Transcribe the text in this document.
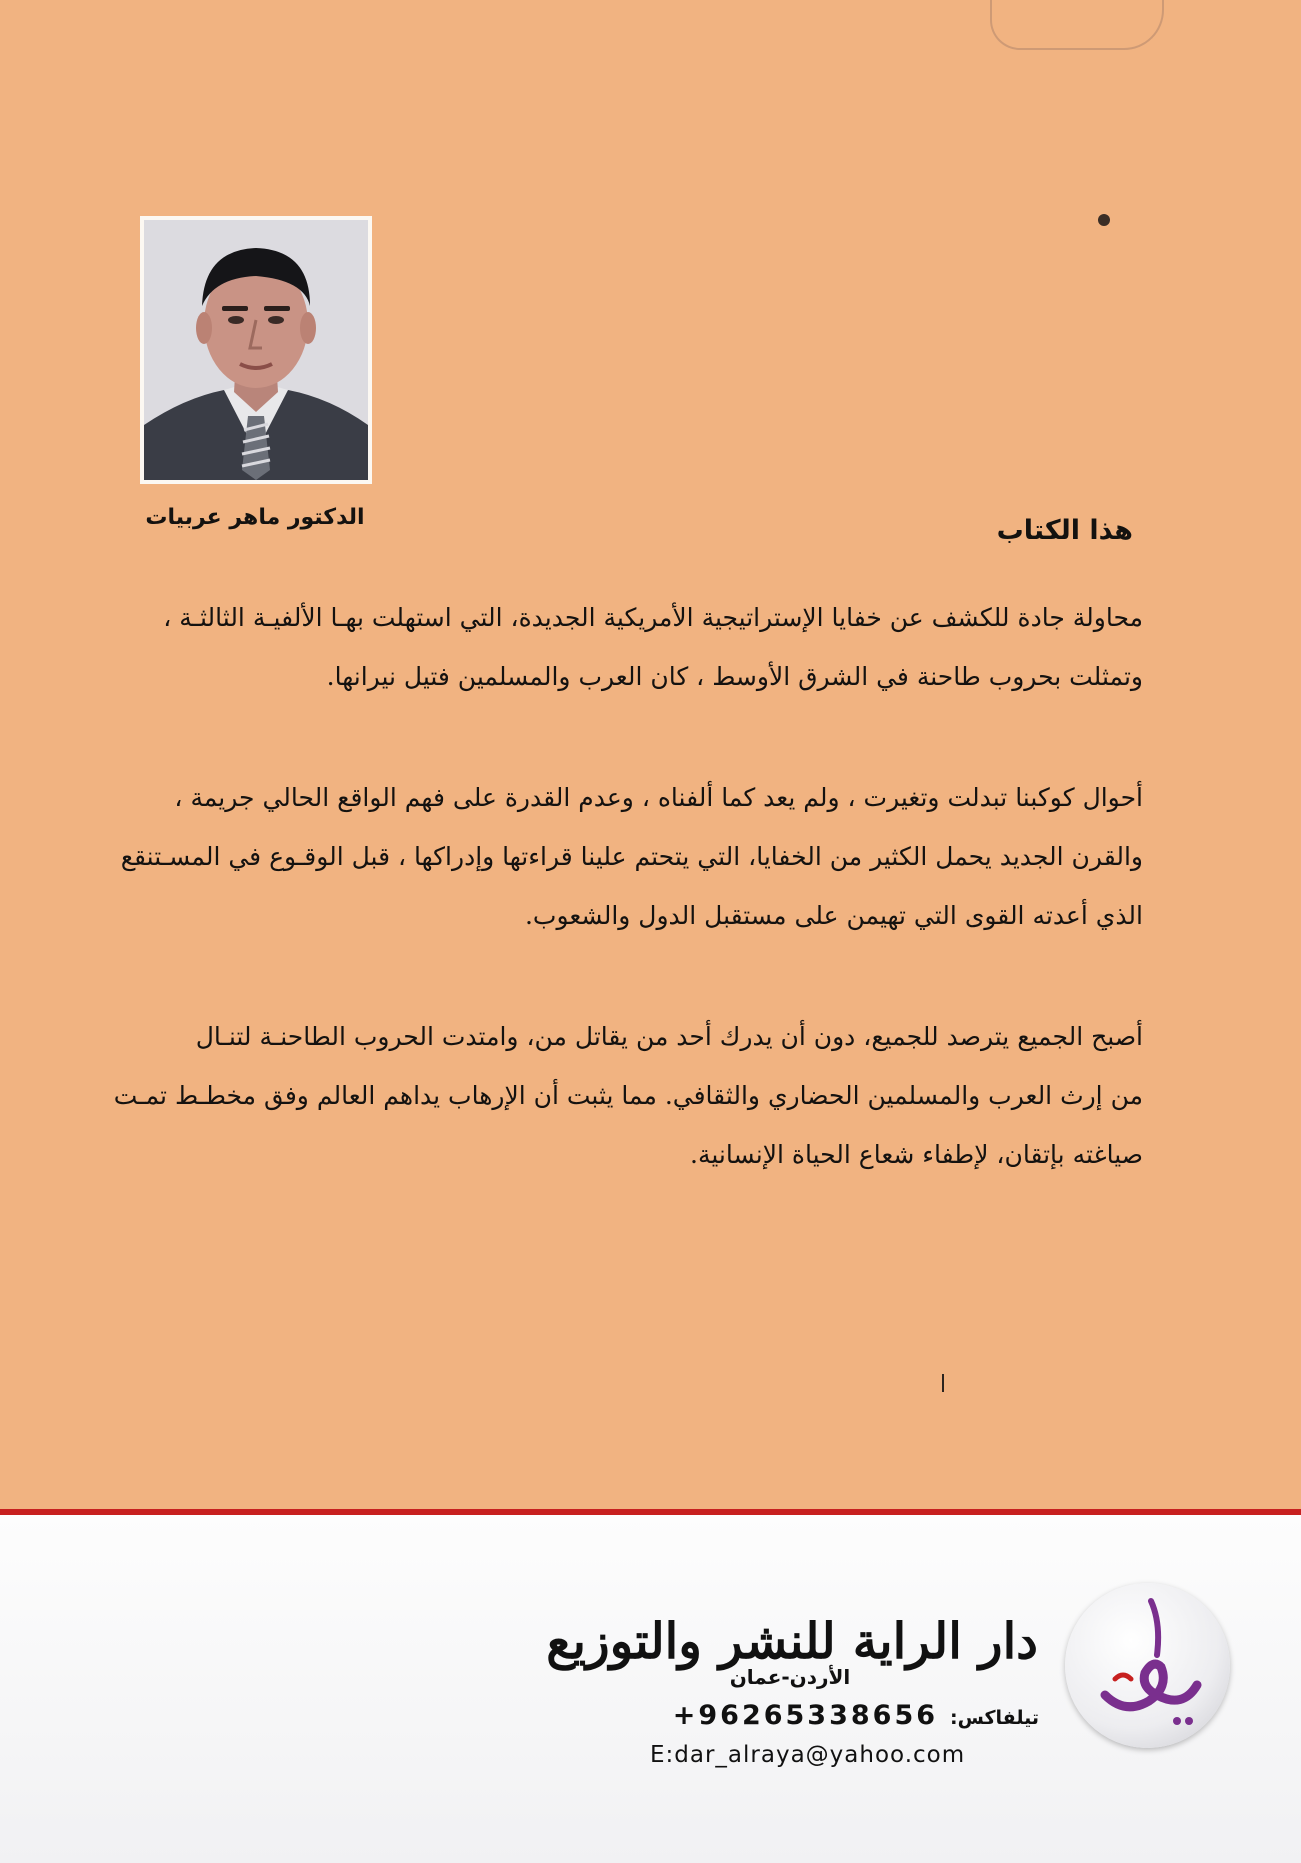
الدكتور ماهر عربيات	هذا الكتاب
محاولة جادة للكشف عن خفايا الإستراتيجية الأمريكية الجديدة، التي استهلت بهـا الألفيـة الثالثـة ،
وتمثلت بحروب طاحنة في الشرق الأوسط ، كان العرب والمسلمين فتيل نيرانها.
أحوال كوكبنا تبدلت وتغيرت ، ولم يعد كما ألفناه ، وعدم القدرة على فهم الواقع الحالي جريمة ،
والقرن الجديد يحمل الكثير من الخفايا، التي يتحتم علينا قراءتها وإدراكها ، قبل الوقـوع في المسـتنقع
الذي أعدته القوى التي تهيمن على مستقبل الدول والشعوب.
أصبح الجميع يترصد للجميع، دون أن يدرك أحد من يقاتل من، وامتدت الحروب الطاحنـة لتنـال
من إرث العرب والمسلمين الحضاري والثقافي. مما يثبت أن الإرهاب يداهم العالم وفق مخطـط تمـت
صياغته بإتقان، لإطفاء شعاع الحياة الإنسانية.
دار الراية للنشر والتوزيع
الأردن-عمان
+96265338656 تيلفاكس:
E:dar_alraya@yahoo.com
